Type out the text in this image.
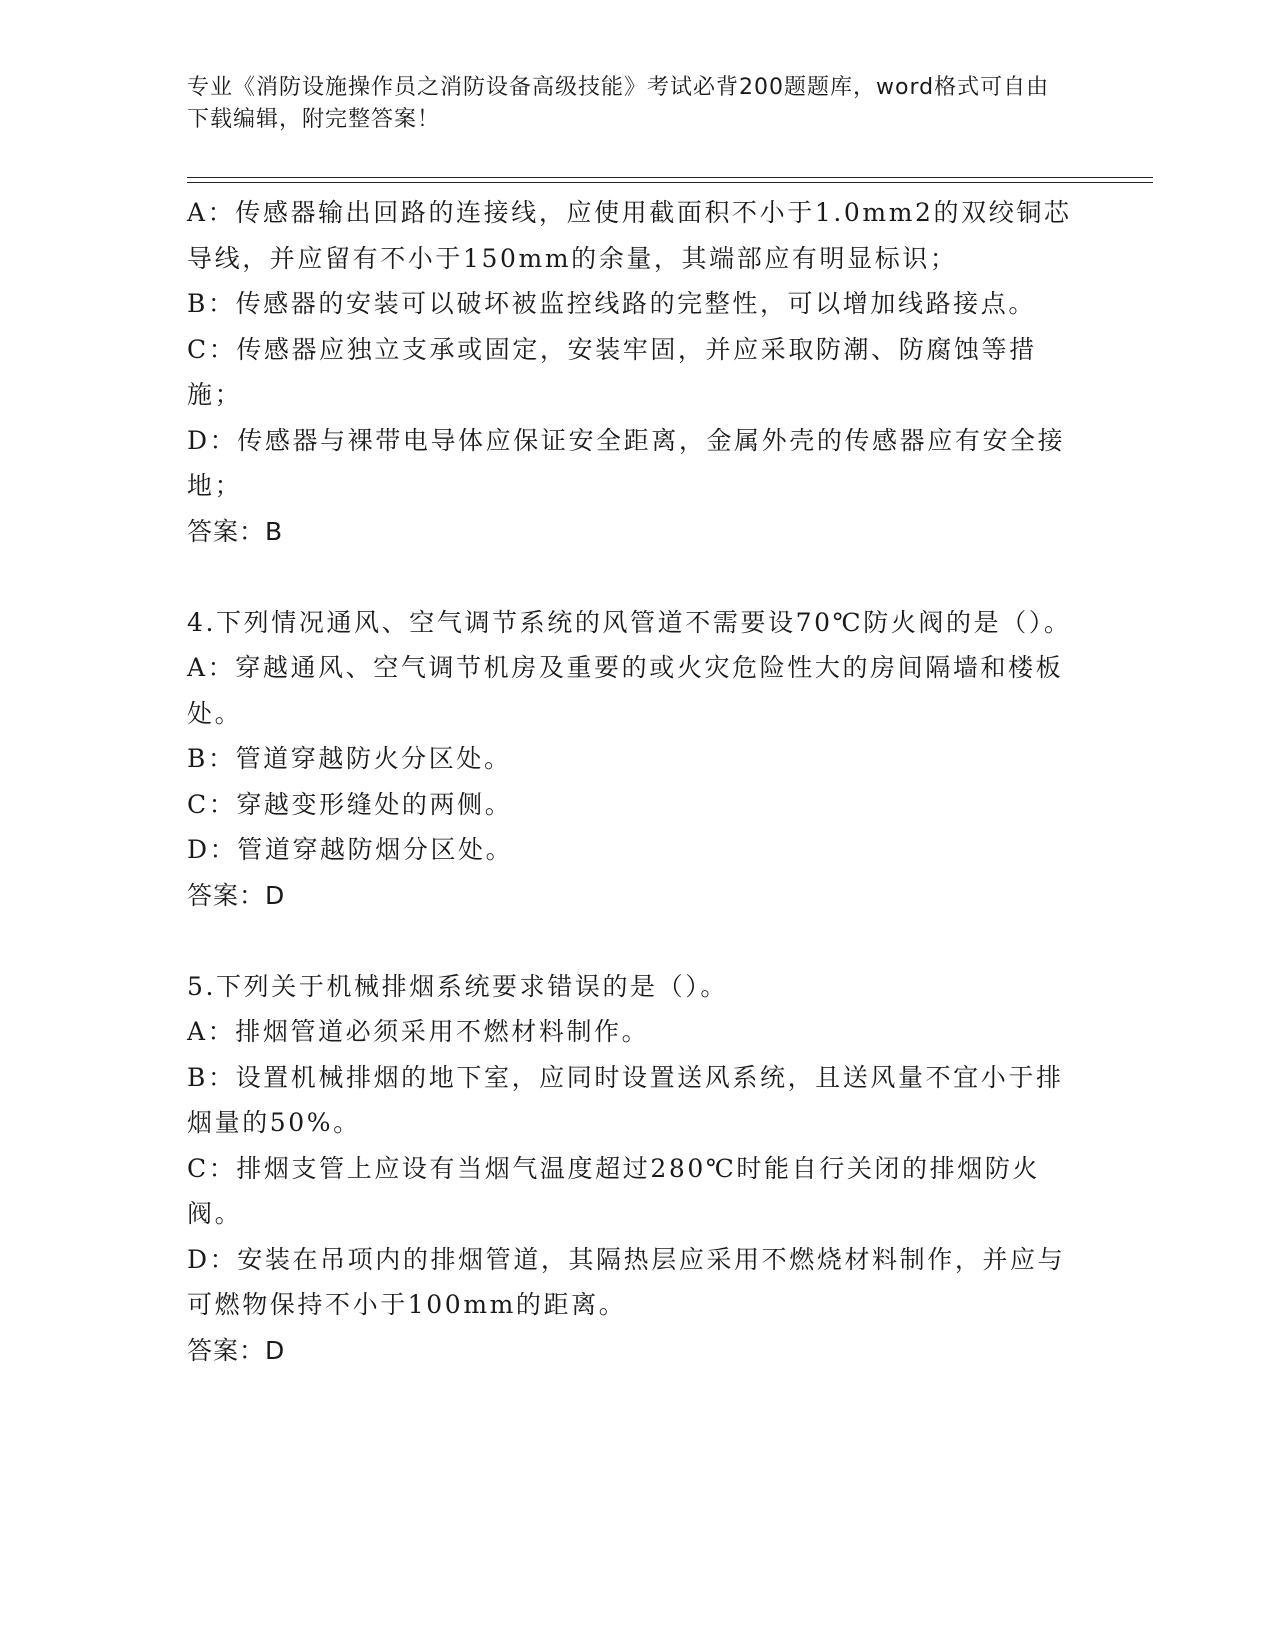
专业《消防设施操作员之消防设备高级技能》考试必背200题题库，word格式可自由下载编辑，附完整答案！

A：传感器输出回路的连接线，应使用截面积不小于1.0mm2的双绞铜芯导线，并应留有不小于150mm的余量，其端部应有明显标识；

B：传感器的安装可以破坏被监控线路的完整性，可以增加线路接点。

C：传感器应独立支承或固定，安装牢固，并应采取防潮、防腐蚀等措施；

D：传感器与裸带电导体应保证安全距离，金属外壳的传感器应有安全接地；

答案：B

4.下列情况通风、空气调节系统的风管道不需要设70℃防火阀的是（）。

A：穿越通风、空气调节机房及重要的或火灾危险性大的房间隔墙和楼板处。

B：管道穿越防火分区处。

C：穿越变形缝处的两侧。

D：管道穿越防烟分区处。

答案：D

5.下列关于机械排烟系统要求错误的是（）。

A：排烟管道必须采用不燃材料制作。

B：设置机械排烟的地下室，应同时设置送风系统，且送风量不宜小于排烟量的50%。

C：排烟支管上应设有当烟气温度超过280℃时能自行关闭的排烟防火阀。

D：安装在吊项内的排烟管道，其隔热层应采用不燃烧材料制作，并应与可燃物保持不小于100mm的距离。

答案：D
